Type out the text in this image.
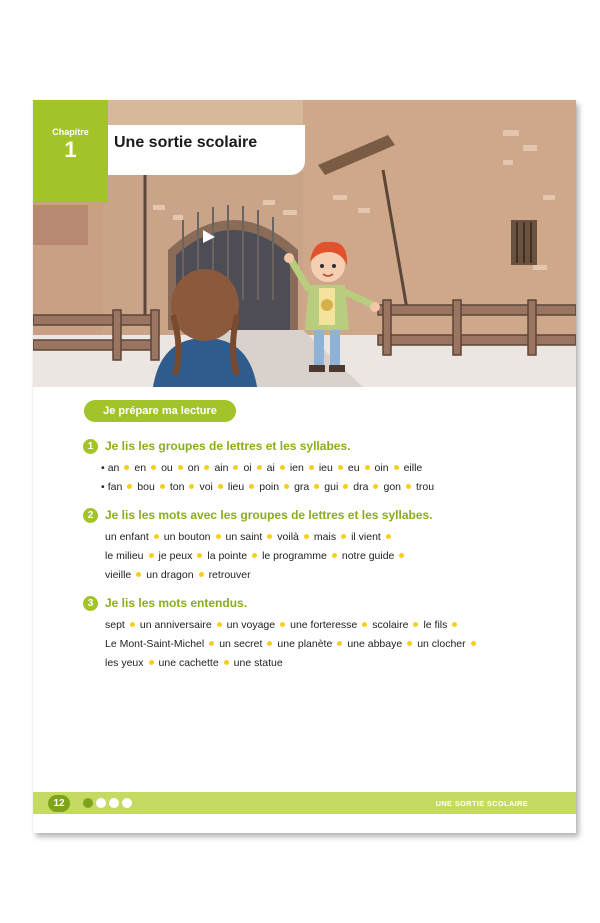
Chapitre
1	Une sortie scolaire
Je prépare ma lecture
1 Je lis les groupes de lettres et les syllabes.
• an en ou on ain oi ai ien ieu eu oin eille
• fan bou ton voi lieu poin gra gui dra gon trou
2 Je lis les mots avec les groupes de lettres et les syllabes.
un enfant un bouton un saint voilà mais il vient
le milieu je peux la pointe le programme notre guide
vieille un dragon retrouver
3 Je lis les mots entendus.
sept un anniversaire un voyage une forteresse scolaire le fils
Le Mont-Saint-Michel un secret une planète une abbaye un clocher
les yeux une cachette une statue
12	UNE SORTIE SCOLAIRE
